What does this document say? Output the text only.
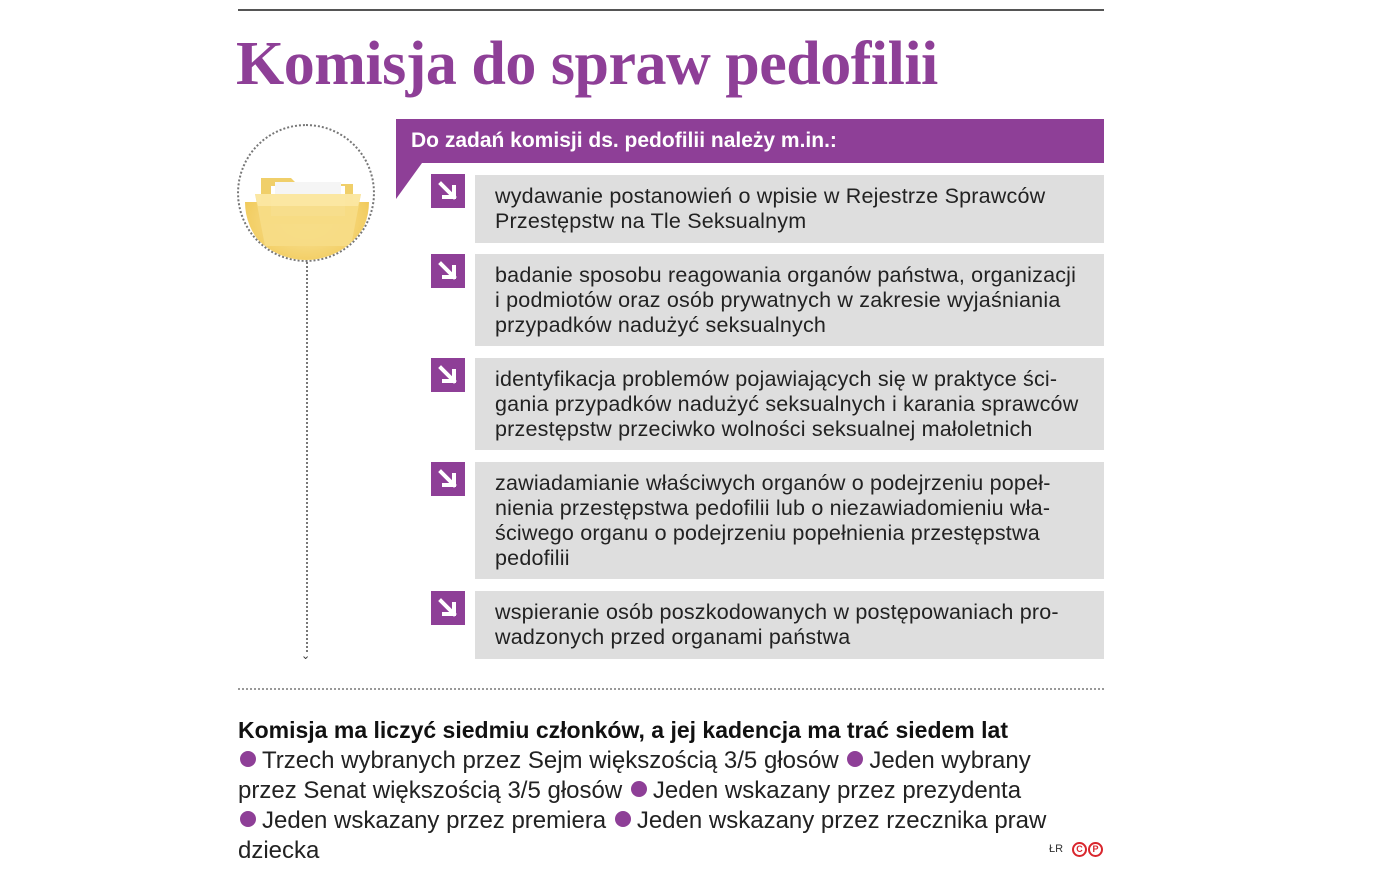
Komisja do spraw pedofilii
⌄
Do zadań komisji ds. pedofilii należy m.in.:
wydawanie postanowień o wpisie w Rejestrze Sprawców
Przestępstw na Tle Seksualnym
badanie sposobu reagowania organów państwa, organizacji
i podmiotów oraz osób prywatnych w zakresie wyjaśniania
przypadków nadużyć seksualnych
identyfikacja problemów pojawiających się w praktyce ści-
gania przypadków nadużyć seksualnych i karania sprawców
przestępstw przeciwko wolności seksualnej małoletnich
zawiadamianie właściwych organów o podejrzeniu popeł-
nienia przestępstwa pedofilii lub o niezawiadomieniu wła-
ściwego organu o podejrzeniu popełnienia przestępstwa
pedofilii
wspieranie osób poszkodowanych w postępowaniach pro-
wadzonych przed organami państwa
Komisja ma liczyć siedmiu członków, a jej kadencja ma trać siedem lat
Trzech wybranych przez Sejm większością 3/5 głosów Jeden wybrany
przez Senat większością 3/5 głosów Jeden wskazany przez prezydenta
Jeden wskazany przez premiera Jeden wskazany przez rzecznika praw
dziecka	ŁR	C	P
